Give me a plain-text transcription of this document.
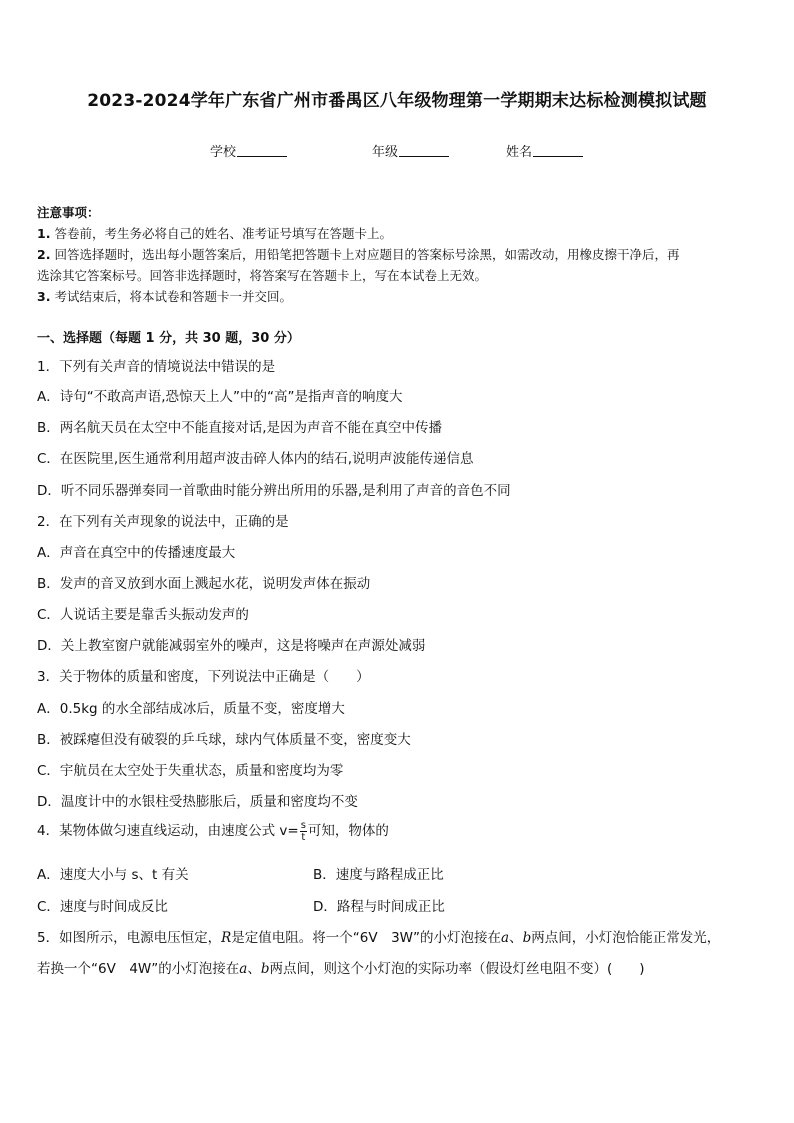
2023-2024学年广东省广州市番禺区八年级物理第一学期期末达标检测模拟试题
学校	年级	姓名

注意事项：

1. 答卷前，考生务必将自己的姓名、准考证号填写在答题卡上。

2. 回答选择题时，选出每小题答案后，用铅笔把答题卡上对应题目的答案标号涂黑，如需改动，用橡皮擦干净后，再

选涂其它答案标号。回答非选择题时，将答案写在答题卡上，写在本试卷上无效。

3. 考试结束后，将本试卷和答题卡一并交回。

一、选择题（每题 1 分，共 30 题，30 分）
1．下列有关声音的情境说法中错误的是
A．诗句“不敢高声语,恐惊天上人”中的“高”是指声音的响度大
B．两名航天员在太空中不能直接对话,是因为声音不能在真空中传播
C．在医院里,医生通常利用超声波击碎人体内的结石,说明声波能传递信息
D．听不同乐器弹奏同一首歌曲时能分辨出所用的乐器,是利用了声音的音色不同
2．在下列有关声现象的说法中，正确的是
A．声音在真空中的传播速度最大
B．发声的音叉放到水面上溅起水花，说明发声体在振动
C．人说话主要是靠舌头振动发声的
D．关上教室窗户就能减弱室外的噪声，这是将噪声在声源处减弱
3．关于物体的质量和密度，下列说法中正确是（　　）
A．0.5kg 的水全部结成冰后，质量不变，密度增大
B．被踩瘪但没有破裂的乒乓球，球内气体质量不变，密度变大
C．宇航员在太空处于失重状态，质量和密度均为零
D．温度计中的水银柱受热膨胀后，质量和密度均不变
4．某物体做匀速直线运动，由速度公式 $v= \frac{s}{t}$ 可知，物体的
A．速度大小与 s、t 有关	B．速度与路程成正比
C．速度与时间成反比	D．路程与时间成正比
5．如图所示，电源电压恒定，R是定值电阻。将一个“6V　3W”的小灯泡接在a、b两点间，小灯泡恰能正常发光，
若换一个“6V　4W”的小灯泡接在a、b两点间，则这个小灯泡的实际功率（假设灯丝电阻不变）(　　)
